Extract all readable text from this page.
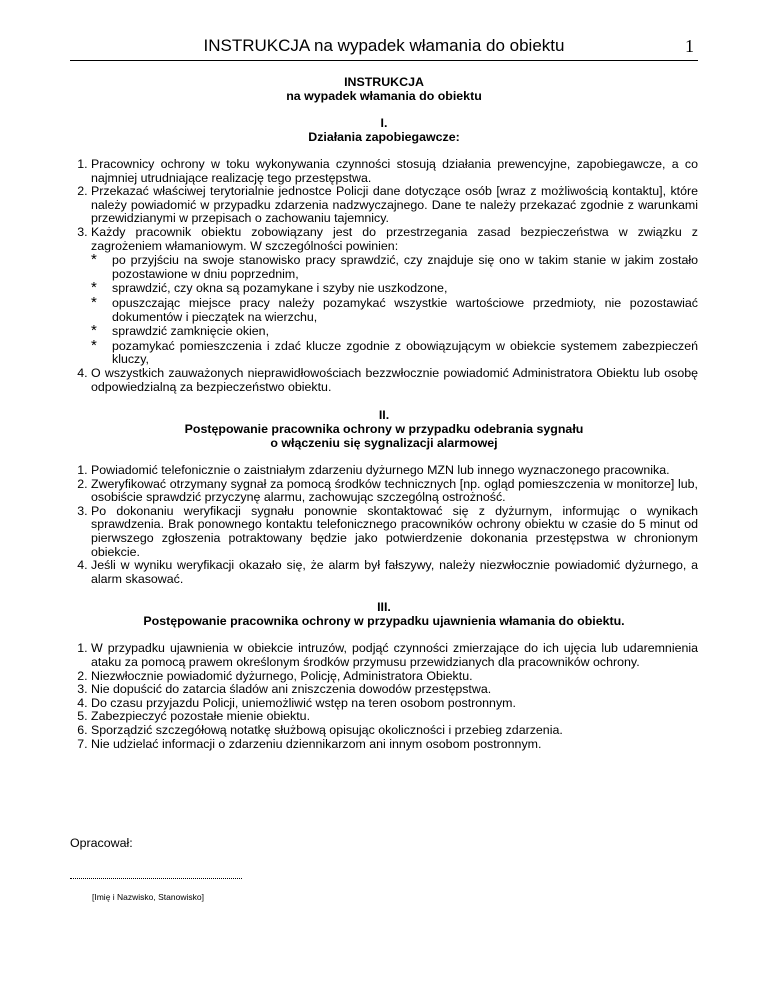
INSTRUKCJA na wypadek włamania do obiektu	1
INSTRUKCJA
na wypadek włamania do obiektu
I.
Działania zapobiegawcze:
1. Pracownicy ochrony w toku wykonywania czynności stosują działania prewencyjne, zapobiegawcze, a co najmniej utrudniające realizację tego przestępstwa.
2. Przekazać właściwej terytorialnie jednostce Policji dane dotyczące osób [wraz z możliwością kontaktu], które należy powiadomić w przypadku zdarzenia nadzwyczajnego. Dane te należy przekazać zgodnie z warunkami przewidzianymi w przepisach o zachowaniu tajemnicy.
3. Każdy pracownik obiektu zobowiązany jest do przestrzegania zasad bezpieczeństwa w związku z zagrożeniem włamaniowym. W szczególności powinien:
* po przyjściu na swoje stanowisko pracy sprawdzić, czy znajduje się ono w takim stanie w jakim zostało pozostawione w dniu poprzednim,
* sprawdzić, czy okna są pozamykane i szyby nie uszkodzone,
* opuszczając miejsce pracy należy pozamykać wszystkie wartościowe przedmioty, nie pozostawiać dokumentów i pieczątek na wierzchu,
* sprawdzić zamknięcie okien,
* pozamykać pomieszczenia i zdać klucze zgodnie z obowiązującym w obiekcie systemem zabezpieczeń kluczy,
4. O wszystkich zauważonych nieprawidłowościach bezzwłocznie powiadomić Administratora Obiektu lub osobę odpowiedzialną za bezpieczeństwo obiektu.
II.
Postępowanie pracownika ochrony w przypadku odebrania sygnału
o włączeniu się sygnalizacji alarmowej
1. Powiadomić telefonicznie o zaistniałym zdarzeniu dyżurnego MZN lub innego wyznaczonego pracownika.
2. Zweryfikować otrzymany sygnał za pomocą środków technicznych [np. ogląd pomieszczenia w monitorze] lub, osobiście sprawdzić przyczynę alarmu, zachowując szczególną ostrożność.
3. Po dokonaniu weryfikacji sygnału ponownie skontaktować się z dyżurnym, informując o wynikach sprawdzenia. Brak ponownego kontaktu telefonicznego pracowników ochrony obiektu w czasie do 5 minut od pierwszego zgłoszenia potraktowany będzie jako potwierdzenie dokonania przestępstwa w chronionym obiekcie.
4. Jeśli w wyniku weryfikacji okazało się, że alarm był fałszywy, należy niezwłocznie powiadomić dyżurnego, a alarm skasować.
III.
Postępowanie pracownika ochrony w przypadku ujawnienia włamania do obiektu.
1. W przypadku ujawnienia w obiekcie intruzów, podjąć czynności zmierzające do ich ujęcia lub udaremnienia ataku za pomocą prawem określonym środków przymusu przewidzianych dla pracowników ochrony.
2. Niezwłocznie powiadomić dyżurnego, Policję, Administratora Obiektu.
3. Nie dopuścić do zatarcia śladów ani zniszczenia dowodów przestępstwa.
4. Do czasu przyjazdu Policji, uniemożliwić wstęp na teren osobom postronnym.
5. Zabezpieczyć pozostałe mienie obiektu.
6. Sporządzić szczegółową notatkę służbową opisując okoliczności i przebieg zdarzenia.
7. Nie udzielać informacji o zdarzeniu dziennikarzom ani innym osobom postronnym.
Opracował:
[Imię i Nazwisko, Stanowisko]
